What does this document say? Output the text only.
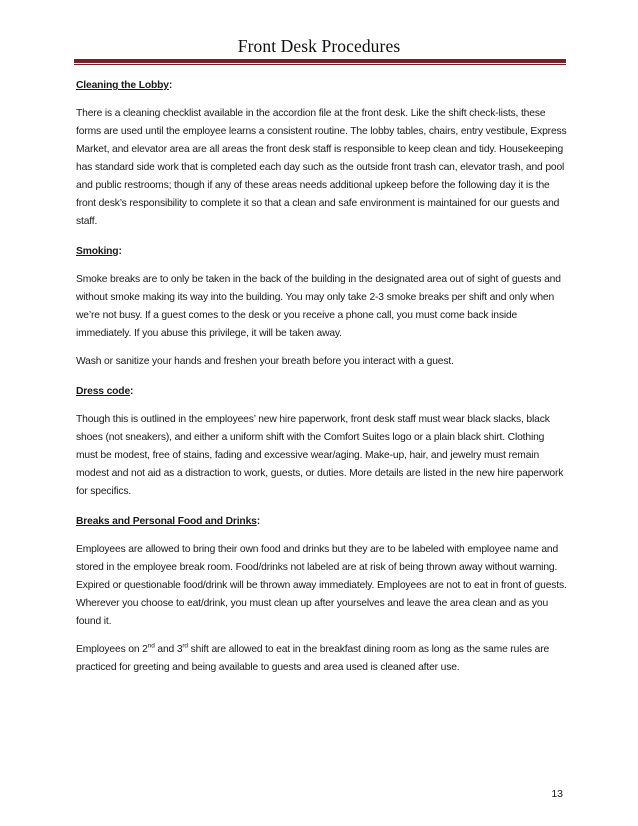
Front Desk Procedures
Cleaning the Lobby:

There is a cleaning checklist available in the accordion file at the front desk. Like the shift check-lists, these forms are used until the employee learns a consistent routine. The lobby tables, chairs, entry vestibule, Express Market, and elevator area are all areas the front desk staff is responsible to keep clean and tidy. Housekeeping has standard side work that is completed each day such as the outside front trash can, elevator trash, and pool and public restrooms; though if any of these areas needs additional upkeep before the following day it is the front desk’s responsibility to complete it so that a clean and safe environment is maintained for our guests and staff.

Smoking:

Smoke breaks are to only be taken in the back of the building in the designated area out of sight of guests and without smoke making its way into the building. You may only take 2-3 smoke breaks per shift and only when we’re not busy. If a guest comes to the desk or you receive a phone call, you must come back inside immediately. If you abuse this privilege, it will be taken away.

Wash or sanitize your hands and freshen your breath before you interact with a guest.

Dress code:

Though this is outlined in the employees’ new hire paperwork, front desk staff must wear black slacks, black shoes (not sneakers), and either a uniform shift with the Comfort Suites logo or a plain black shirt. Clothing must be modest, free of stains, fading and excessive wear/aging. Make-up, hair, and jewelry must remain modest and not aid as a distraction to work, guests, or duties. More details are listed in the new hire paperwork for specifics.

Breaks and Personal Food and Drinks:

Employees are allowed to bring their own food and drinks but they are to be labeled with employee name and stored in the employee break room. Food/drinks not labeled are at risk of being thrown away without warning. Expired or questionable food/drink will be thrown away immediately. Employees are not to eat in front of guests. Wherever you choose to eat/drink, you must clean up after yourselves and leave the area clean and as you found it.

Employees on 2nd and 3rd shift are allowed to eat in the breakfast dining room as long as the same rules are practiced for greeting and being available to guests and area used is cleaned after use.

13
